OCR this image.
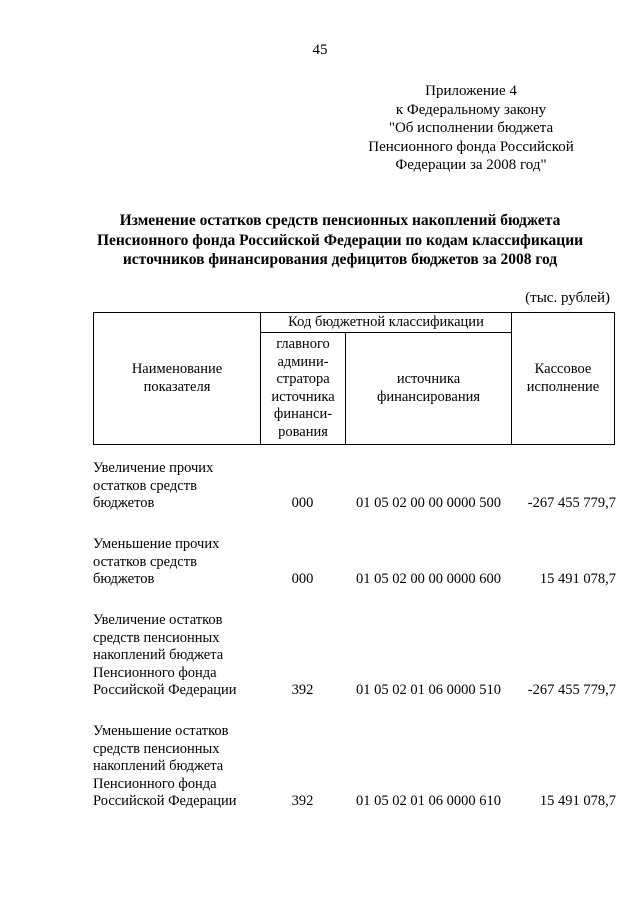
45
Приложение 4
к Федеральному закону
"Об исполнении бюджета
Пенсионного фонда Российской
Федерации за 2008 год"
Изменение остатков средств пенсионных накоплений бюджета
Пенсионного фонда Российской Федерации по кодам классификации
источников финансирования дефицитов бюджетов за 2008 год
(тыс. рублей)
Наименование показателя	Код бюджетной классификации		Кассовое исполнение
	главного админи-стратора источника финанси-рования	источника финансирования	
Увеличение прочих
остатков средств
бюджетов	000	01 05 02 00 00 0000 500	-267 455 779,7
Уменьшение прочих
остатков средств
бюджетов	000	01 05 02 00 00 0000 600	15 491 078,7
Увеличение остатков
средств пенсионных
накоплений бюджета
Пенсионного фонда
Российской Федерации	392	01 05 02 01 06 0000 510	-267 455 779,7
Уменьшение остатков
средств пенсионных
накоплений бюджета
Пенсионного фонда
Российской Федерации	392	01 05 02 01 06 0000 610	15 491 078,7
